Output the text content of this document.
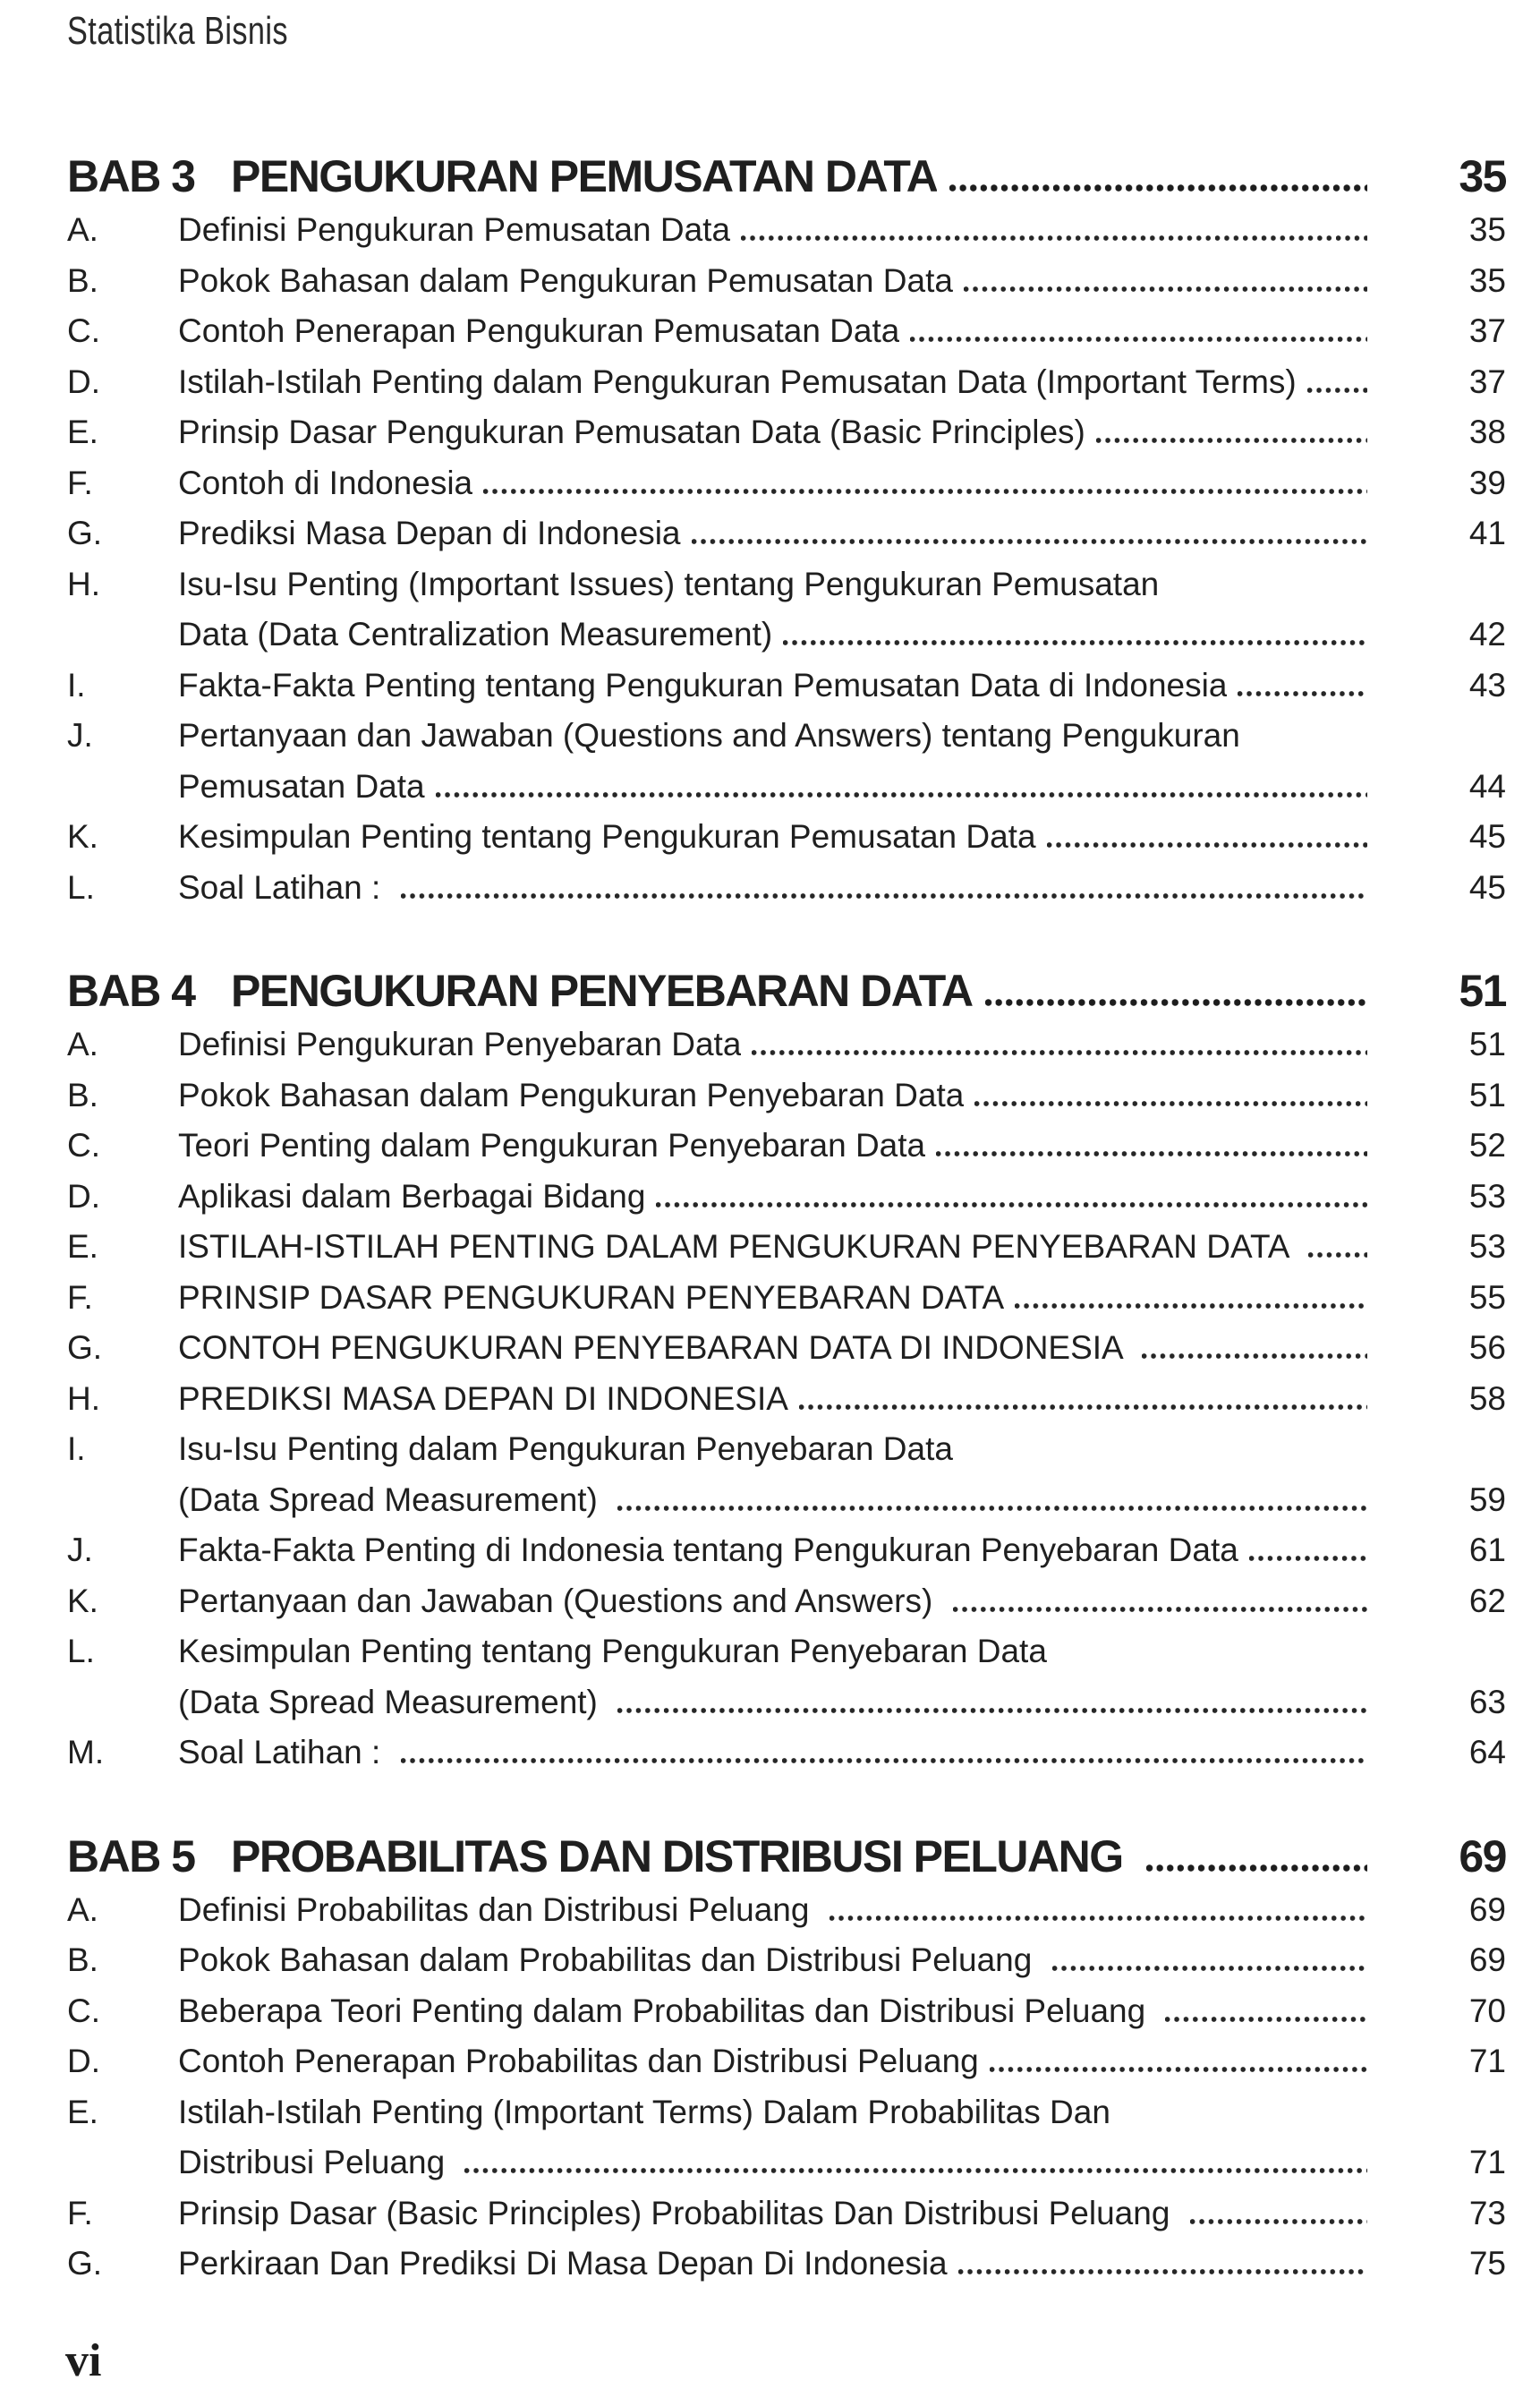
Statistika Bisnis
BAB 3 PENGUKURAN PEMUSATAN DATA	35
A.	Definisi Pengukuran Pemusatan Data	35
B.	Pokok Bahasan dalam Pengukuran Pemusatan Data	35
C.	Contoh Penerapan Pengukuran Pemusatan Data	37
D.	Istilah-Istilah Penting dalam Pengukuran Pemusatan Data (Important Terms)	37
E.	Prinsip Dasar Pengukuran Pemusatan Data (Basic Principles)	38
F.	Contoh di Indonesia	39
G.	Prediksi Masa Depan di Indonesia	41
H.	Isu-Isu Penting (Important Issues) tentang Pengukuran Pemusatan
Data (Data Centralization Measurement)	42
I.	Fakta-Fakta Penting tentang Pengukuran Pemusatan Data di Indonesia	43
J.	Pertanyaan dan Jawaban (Questions and Answers) tentang Pengukuran
Pemusatan Data	44
K.	Kesimpulan Penting tentang Pengukuran Pemusatan Data	45
L.	Soal Latihan :	45
BAB 4 PENGUKURAN PENYEBARAN DATA	51
A.	Definisi Pengukuran Penyebaran Data	51
B.	Pokok Bahasan dalam Pengukuran Penyebaran Data	51
C.	Teori Penting dalam Pengukuran Penyebaran Data	52
D.	Aplikasi dalam Berbagai Bidang	53
E.	ISTILAH-ISTILAH PENTING DALAM PENGUKURAN PENYEBARAN DATA	53
F.	PRINSIP DASAR PENGUKURAN PENYEBARAN DATA	55
G.	CONTOH PENGUKURAN PENYEBARAN DATA DI INDONESIA	56
H.	PREDIKSI MASA DEPAN DI INDONESIA	58
I.	Isu-Isu Penting dalam Pengukuran Penyebaran Data
(Data Spread Measurement)	59
J.	Fakta-Fakta Penting di Indonesia tentang Pengukuran Penyebaran Data	61
K.	Pertanyaan dan Jawaban (Questions and Answers)	62
L.	Kesimpulan Penting tentang Pengukuran Penyebaran Data
(Data Spread Measurement)	63
M.	Soal Latihan :	64
BAB 5 PROBABILITAS DAN DISTRIBUSI PELUANG	69
A.	Definisi Probabilitas dan Distribusi Peluang	69
B.	Pokok Bahasan dalam Probabilitas dan Distribusi Peluang	69
C.	Beberapa Teori Penting dalam Probabilitas dan Distribusi Peluang	70
D.	Contoh Penerapan Probabilitas dan Distribusi Peluang	71
E.	Istilah-Istilah Penting (Important Terms) Dalam Probabilitas Dan
Distribusi Peluang	71
F.	Prinsip Dasar (Basic Principles) Probabilitas Dan Distribusi Peluang	73
G.	Perkiraan Dan Prediksi Di Masa Depan Di Indonesia	75
vi
